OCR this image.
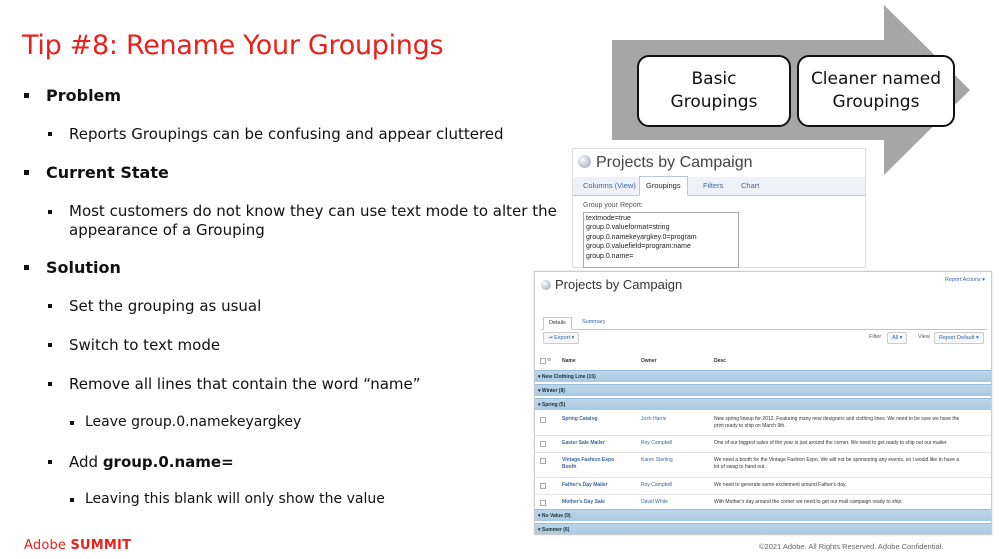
Tip #8: Rename Your Groupings
Problem
Reports Groupings can be confusing and appear cluttered
Current State
Most customers do not know they can use text mode to alter the
appearance of a Grouping
Solution
Set the grouping as usual
Switch to text mode
Remove all lines that contain the word “name”
Leave group.0.namekeyargkey
Add group.0.name=
Leaving this blank will only show the value
Basic
Groupings
Cleaner named
Groupings
Projects by Campaign
Columns (View)	Groupings	Filters	Chart
Group your Report:
textmode=true
group.0.valueformat=string
group.0.namekeyargkey.0=program
group.0.valuefield=program:name
group.0.name=
Projects by Campaign	Report Actions ▾
Details	Summary
⇥ Export ▾	Filter	All ▾	View	Report Default ▾
⊙ Name	Owner	Desc
▾ New Clothing Line (15)
▾ Winter (8)
▾ Spring (5)
Spring Catalog	Josh Harris	New spring lineup for 2012. Featuring many new designers and clothing lines. We need to be sure we have the
print ready to ship on March 9th.
Easter Sale Mailer	Roy Campbell	One of our biggest sales of the year is just around the corner. We need to get ready to ship out our mailer.
Vintage Fashion Expo
Booth
Karen Sterling	We need a booth for the Vintage Fashion Expo. We will not be sponsoring any events, so I would like to have a
lot of swag to hand out.
Father's Day Mailer	Roy Campbell	We need to generate some excitement around Father's day.
Mother's Day Sale	David White	With Mother's day around the corner we need to get our mail campaign ready to ship.
▾ No Value (9)
▾ Summer (6)
Adobe SUMMIT	©2021 Adobe. All Rights Reserved. Adobe Confidential.
